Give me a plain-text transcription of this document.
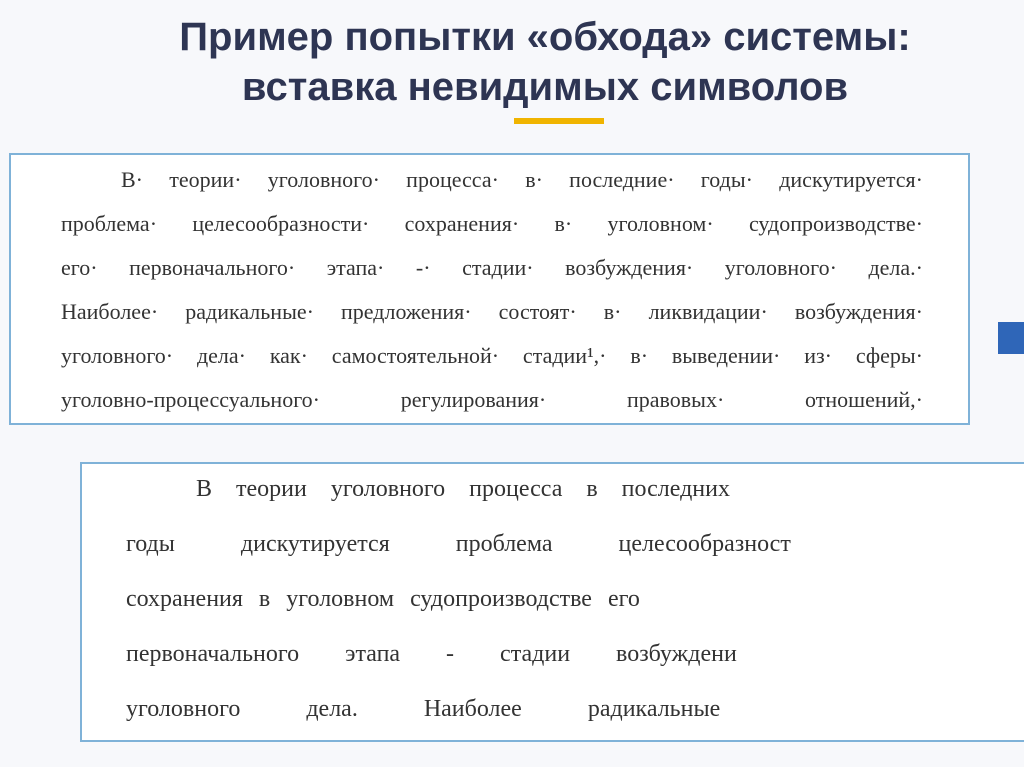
Пример попытки «обхода» системы:
вставка невидимых символов

В· теории· уголовного· процесса· в· последние· годы· дискутируется·
проблема· целесообразности· сохранения· в· уголовном· судопроизводстве·
его· первоначального· этапа· -· стадии· возбуждения· уголовного· дела.·
Наиболее· радикальные· предложения· состоят· в· ликвидации· возбуждения·
уголовного· дела· как· самостоятельной· стадии¹,· в· выведении· из· сферы·
уголовно-процессуального· регулирования· правовых· отношений,·

В теории уголовного процесса в последних
годы дискутируется проблема целесообразност
сохранения в уголовном судопроизводстве его
первоначального этапа - стадии возбуждени
уголовного дела. Наиболее радикальные
